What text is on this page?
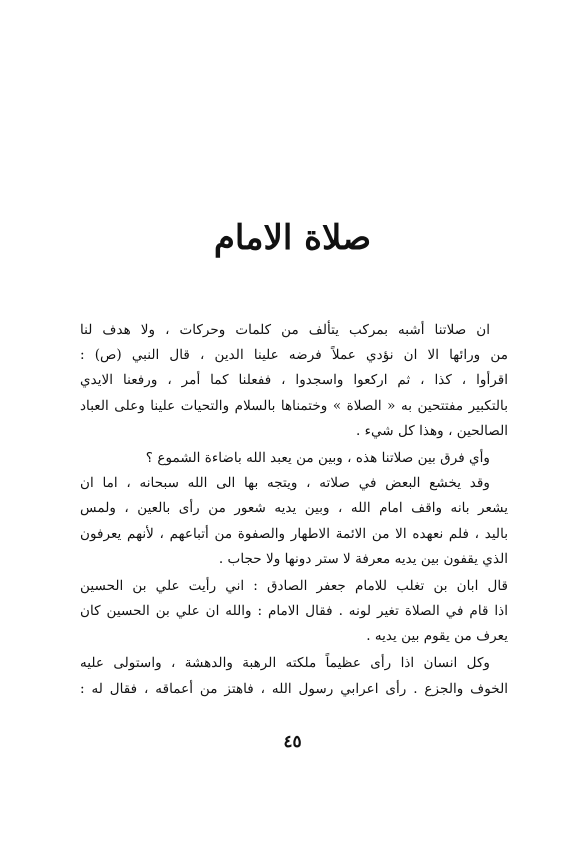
صلاة الامام
ان صلاتنا أشبه بمركب يتألف من كلمات وحركات ، ولا هدف لنا
من ورائها الا ان نؤدي عملاً فرضه علينا الدين ، قال النبي (ص) :
اقرأوا ، كذا ، ثم اركعوا واسجدوا ، ففعلنا كما أمر ، ورفعنا الايدي
بالتكبير مفتتحين به « الصلاة » وختمناها بالسلام والتحيات علينا وعلى العباد
الصالحين ، وهذا كل شيء .
وأي فرق بين صلاتنا هذه ، وبين من يعبد الله باضاءة الشموع ؟
وقد يخشع البعض في صلاته ، ويتجه بها الى الله سبحانه ، اما ان
يشعر بانه واقف امام الله ، وبين يديه شعور من رأى بالعين ، ولمس
باليد ، فلم نعهده الا من الائمة الاطهار والصفوة من أتباعهم ، لأنهم يعرفون
الذي يقفون بين يديه معرفة لا ستر دونها ولا حجاب .
قال ابان بن تغلب للامام جعفر الصادق : اني رأيت علي بن الحسين
اذا قام في الصلاة تغير لونه . فقال الامام : والله ان علي بن الحسين كان
يعرف من يقوم بين يديه .
وكل انسان اذا رأى عظيماً ملكته الرهبة والدهشة ، واستولى عليه
الخوف والجزع . رأى اعرابي رسول الله ، فاهتز من أعماقه ، فقال له :
٤٥
